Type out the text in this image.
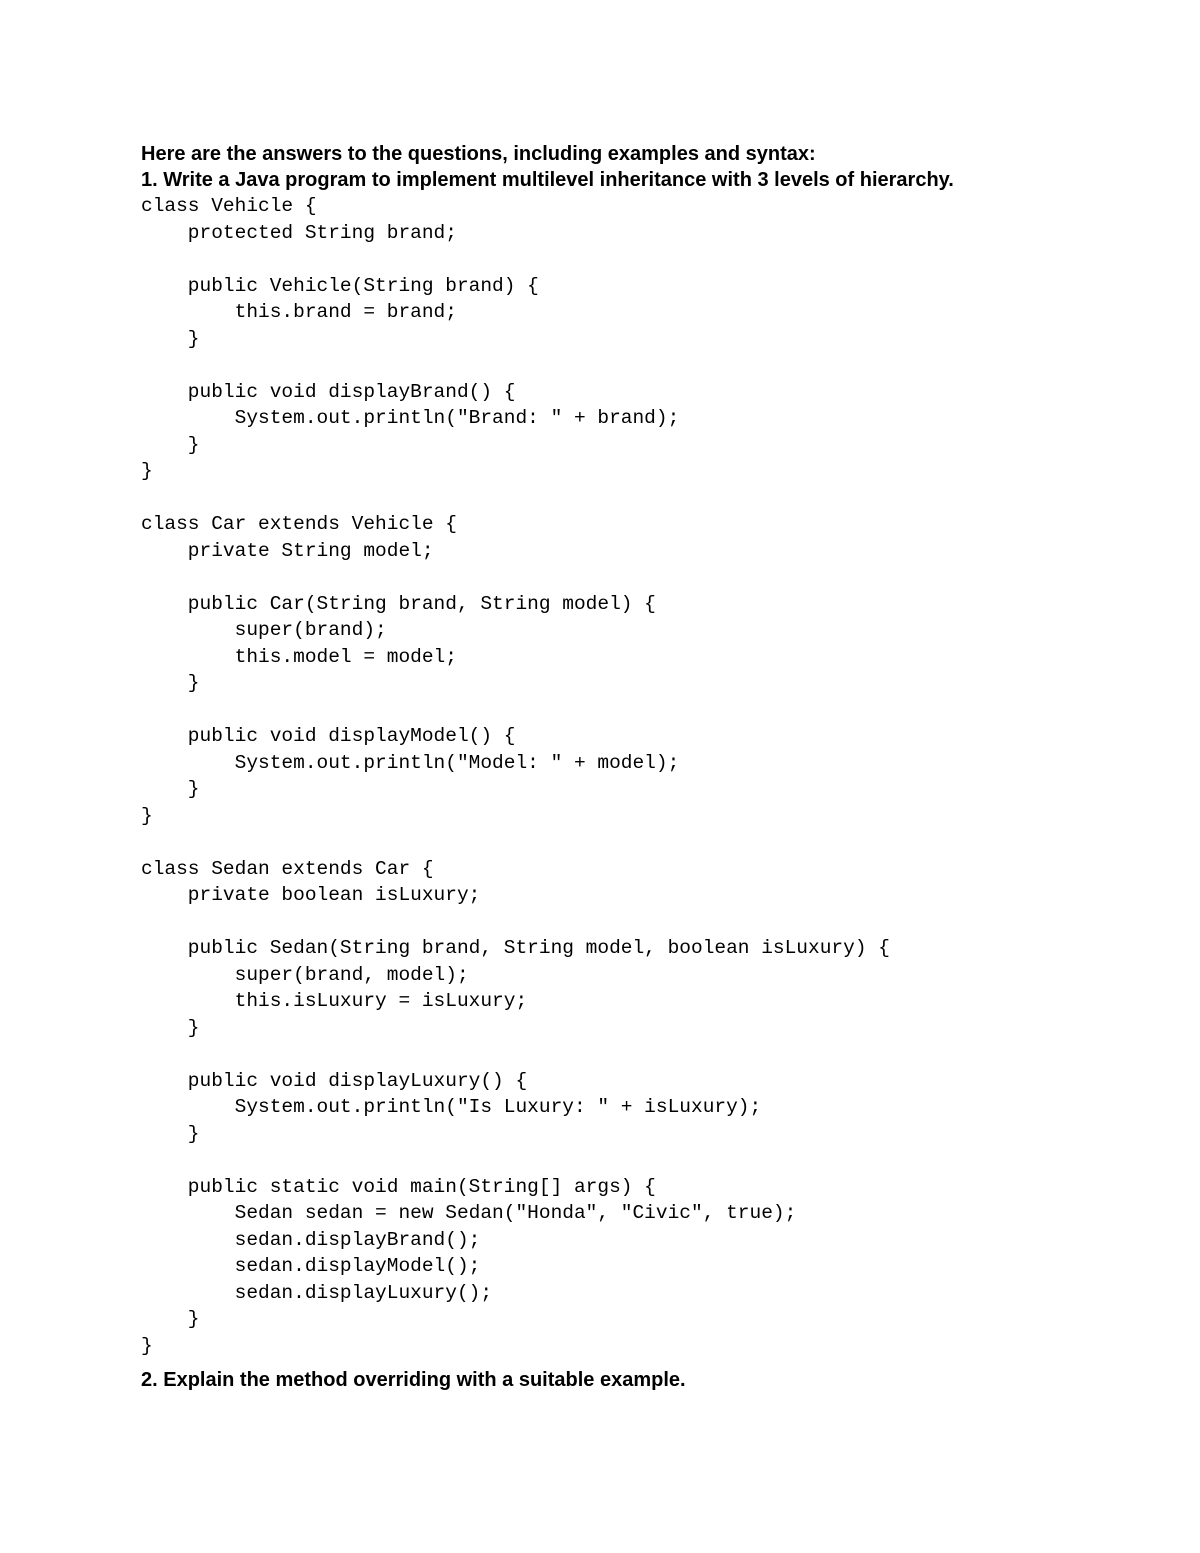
Here are the answers to the questions, including examples and syntax:

1. Write a Java program to implement multilevel inheritance with 3 levels of hierarchy.

class Vehicle {

protected String brand;

public Vehicle(String brand) {

this.brand = brand;

}

public void displayBrand() {

System.out.println("Brand: " + brand);

}

}

class Car extends Vehicle {

private String model;

public Car(String brand, String model) {

super(brand);

this.model = model;

}

public void displayModel() {

System.out.println("Model: " + model);

}

}

class Sedan extends Car {

private boolean isLuxury;

public Sedan(String brand, String model, boolean isLuxury) {

super(brand, model);

this.isLuxury = isLuxury;

}

public void displayLuxury() {

System.out.println("Is Luxury: " + isLuxury);

}

public static void main(String[] args) {

Sedan sedan = new Sedan("Honda", "Civic", true);

sedan.displayBrand();

sedan.displayModel();

sedan.displayLuxury();

}

}

2. Explain the method overriding with a suitable example.
